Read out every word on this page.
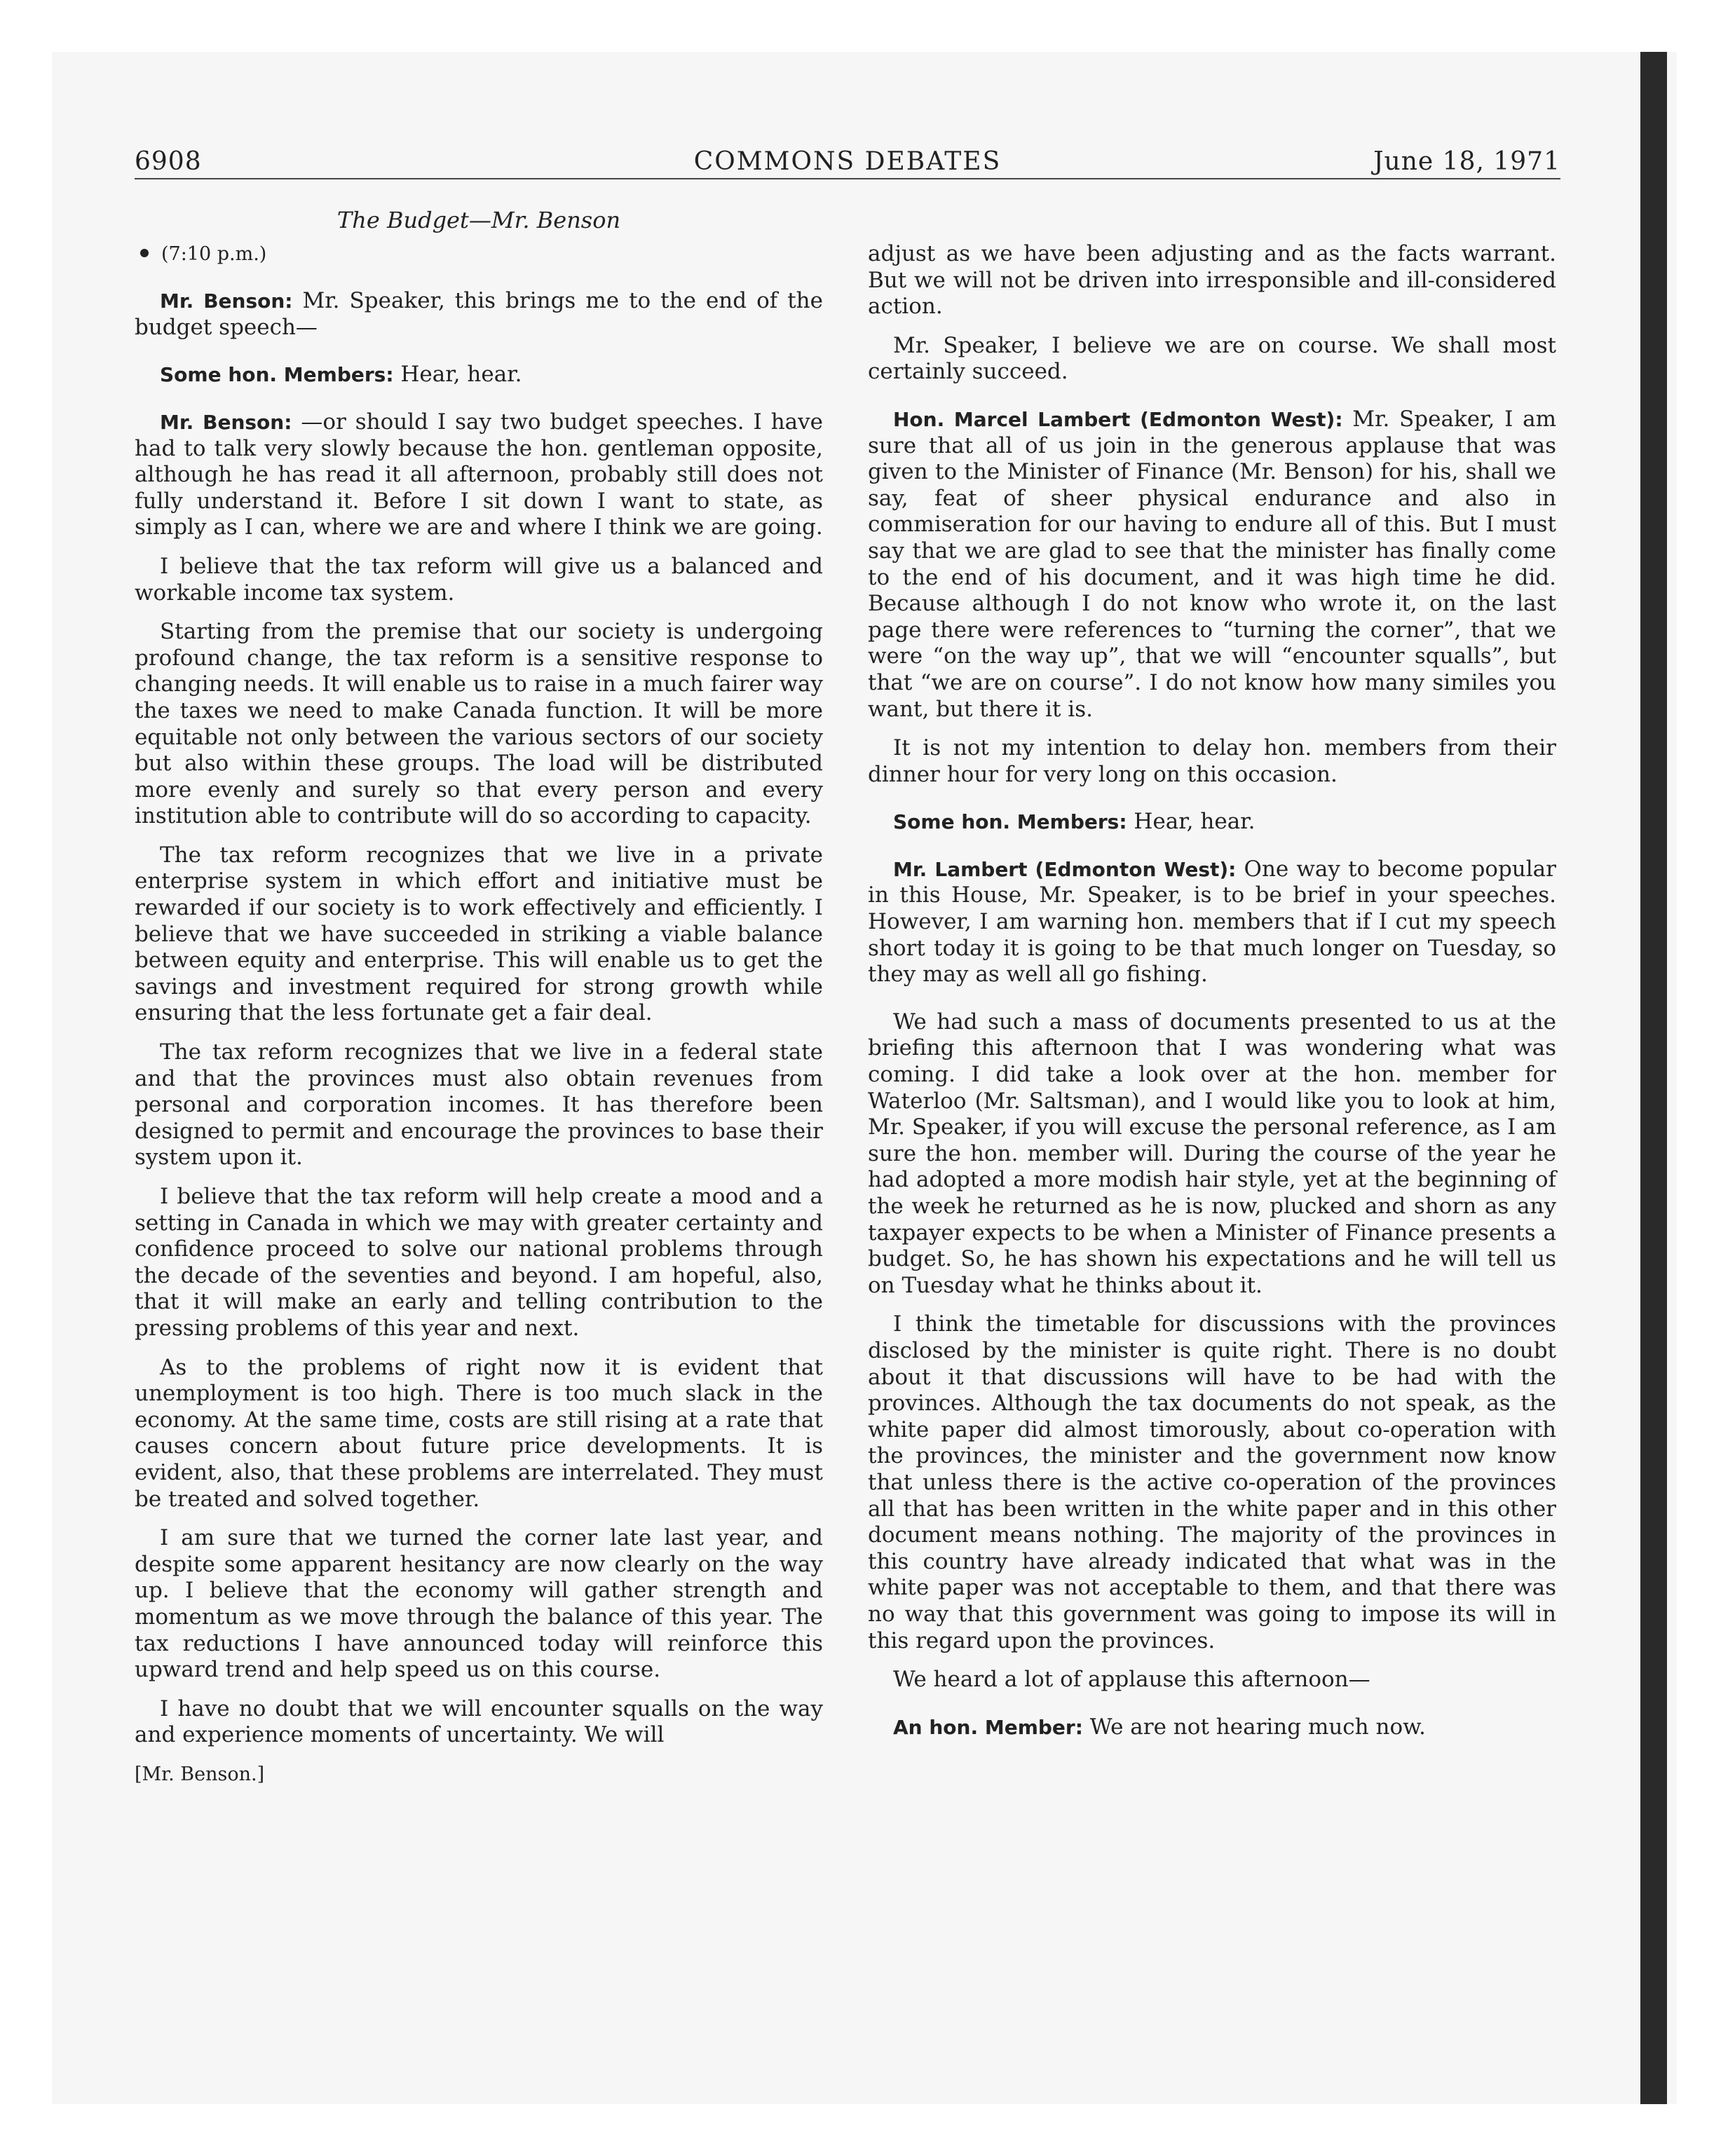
6908	COMMONS DEBATES	June 18, 1971
The Budget—Mr. Benson
(7:10 p.m.)

Mr. Benson: Mr. Speaker, this brings me to the end of the budget speech—

Some hon. Members: Hear, hear.

Mr. Benson: —or should I say two budget speeches. I have had to talk very slowly because the hon. gentleman opposite, although he has read it all afternoon, probably still does not fully understand it. Before I sit down I want to state, as simply as I can, where we are and where I think we are going.

I believe that the tax reform will give us a balanced and workable income tax system.

Starting from the premise that our society is undergoing profound change, the tax reform is a sensitive response to changing needs. It will enable us to raise in a much fairer way the taxes we need to make Canada function. It will be more equitable not only between the various sectors of our society but also within these groups. The load will be distributed more evenly and surely so that every person and every institution able to contribute will do so according to capacity.

The tax reform recognizes that we live in a private enterprise system in which effort and initiative must be rewarded if our society is to work effectively and efficiently. I believe that we have succeeded in striking a viable balance between equity and enterprise. This will enable us to get the savings and investment required for strong growth while ensuring that the less fortunate get a fair deal.

The tax reform recognizes that we live in a federal state and that the provinces must also obtain revenues from personal and corporation incomes. It has therefore been designed to permit and encourage the provinces to base their system upon it.

I believe that the tax reform will help create a mood and a setting in Canada in which we may with greater certainty and confidence proceed to solve our national problems through the decade of the seventies and beyond. I am hopeful, also, that it will make an early and telling contribution to the pressing problems of this year and next.

As to the problems of right now it is evident that unemployment is too high. There is too much slack in the economy. At the same time, costs are still rising at a rate that causes concern about future price developments. It is evident, also, that these problems are interrelated. They must be treated and solved together.

I am sure that we turned the corner late last year, and despite some apparent hesitancy are now clearly on the way up. I believe that the economy will gather strength and momentum as we move through the balance of this year. The tax reductions I have announced today will reinforce this upward trend and help speed us on this course.

I have no doubt that we will encounter squalls on the way and experience moments of uncertainty. We will

[Mr. Benson.]

adjust as we have been adjusting and as the facts warrant. But we will not be driven into irresponsible and ill-considered action.

Mr. Speaker, I believe we are on course. We shall most certainly succeed.

Hon. Marcel Lambert (Edmonton West): Mr. Speaker, I am sure that all of us join in the generous applause that was given to the Minister of Finance (Mr. Benson) for his, shall we say, feat of sheer physical endurance and also in commiseration for our having to endure all of this. But I must say that we are glad to see that the minister has finally come to the end of his document, and it was high time he did. Because although I do not know who wrote it, on the last page there were references to “turning the corner”, that we were “on the way up”, that we will “encounter squalls”, but that “we are on course”. I do not know how many similes you want, but there it is.

It is not my intention to delay hon. members from their dinner hour for very long on this occasion.

Some hon. Members: Hear, hear.

Mr. Lambert (Edmonton West): One way to become popular in this House, Mr. Speaker, is to be brief in your speeches. However, I am warning hon. members that if I cut my speech short today it is going to be that much longer on Tuesday, so they may as well all go fishing.

We had such a mass of documents presented to us at the briefing this afternoon that I was wondering what was coming. I did take a look over at the hon. member for Waterloo (Mr. Saltsman), and I would like you to look at him, Mr. Speaker, if you will excuse the personal reference, as I am sure the hon. member will. During the course of the year he had adopted a more modish hair style, yet at the beginning of the week he returned as he is now, plucked and shorn as any taxpayer expects to be when a Minister of Finance presents a budget. So, he has shown his expectations and he will tell us on Tuesday what he thinks about it.

I think the timetable for discussions with the provinces disclosed by the minister is quite right. There is no doubt about it that discussions will have to be had with the provinces. Although the tax documents do not speak, as the white paper did almost timorously, about co-operation with the provinces, the minister and the government now know that unless there is the active co-operation of the provinces all that has been written in the white paper and in this other document means nothing. The majority of the provinces in this country have already indicated that what was in the white paper was not acceptable to them, and that there was no way that this government was going to impose its will in this regard upon the provinces.

We heard a lot of applause this afternoon—

An hon. Member: We are not hearing much now.
